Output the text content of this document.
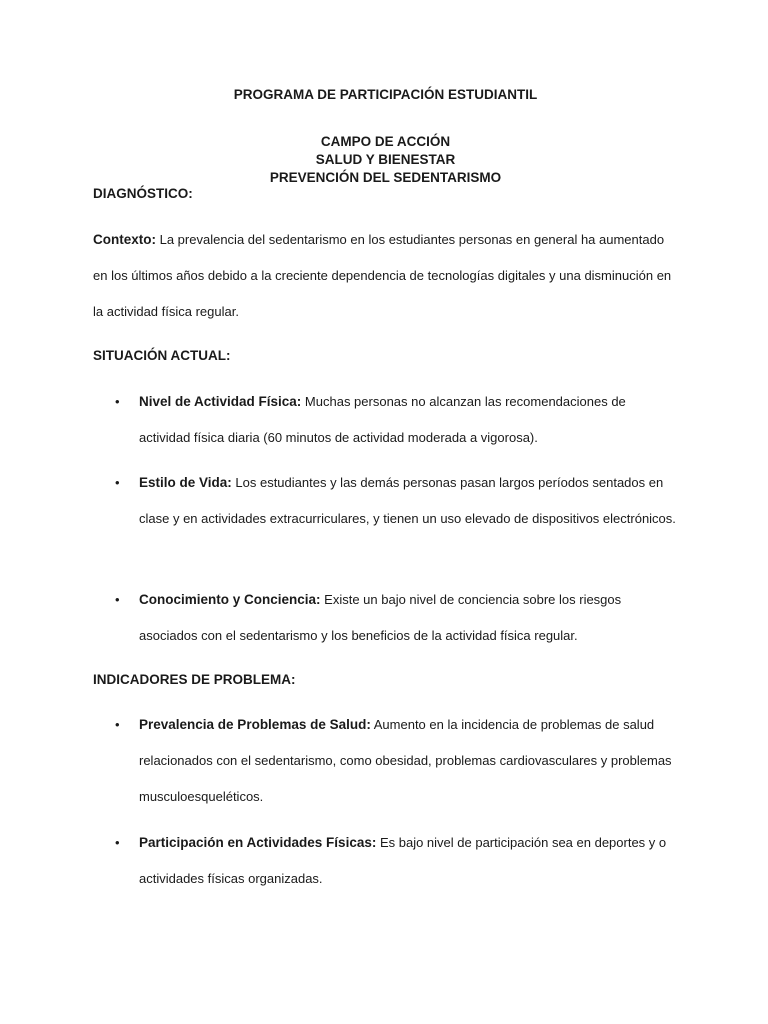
PROGRAMA DE PARTICIPACIÓN ESTUDIANTIL
CAMPO DE ACCIÓN
SALUD Y BIENESTAR
PREVENCIÓN DEL SEDENTARISMO
DIAGNÓSTICO:
Contexto: La prevalencia del sedentarismo en los estudiantes personas en general ha aumentado en los últimos años debido a la creciente dependencia de tecnologías digitales y una disminución en la actividad física regular.
SITUACIÓN ACTUAL:
• Nivel de Actividad Física: Muchas personas no alcanzan las recomendaciones de actividad física diaria (60 minutos de actividad moderada a vigorosa).
• Estilo de Vida: Los estudiantes y las demás personas pasan largos períodos sentados en clase y en actividades extracurriculares, y tienen un uso elevado de dispositivos electrónicos.
• Conocimiento y Conciencia: Existe un bajo nivel de conciencia sobre los riesgos asociados con el sedentarismo y los beneficios de la actividad física regular.
INDICADORES DE PROBLEMA:
• Prevalencia de Problemas de Salud: Aumento en la incidencia de problemas de salud relacionados con el sedentarismo, como obesidad, problemas cardiovasculares y problemas musculoesqueléticos.
• Participación en Actividades Físicas: Es bajo nivel de participación sea en deportes y o actividades físicas organizadas.
